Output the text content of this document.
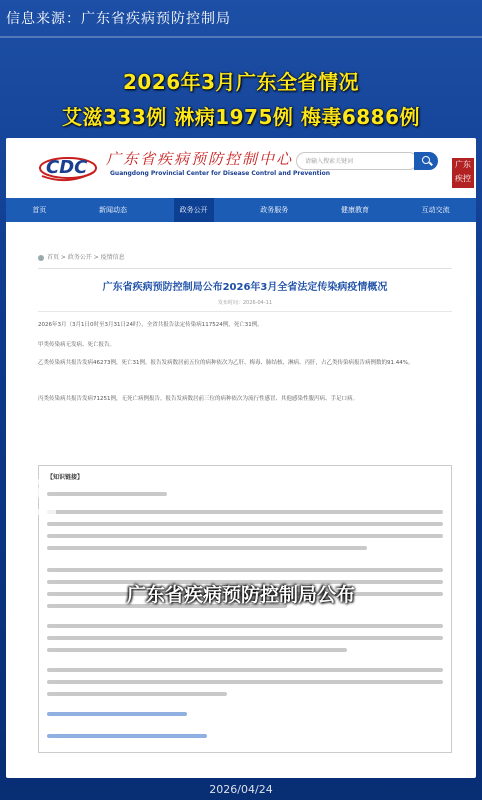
信息来源：广东省疾病预防控制局
2026年3月广东全省情况
艾滋333例 淋病1975例 梅毒6886例
CDC 广东省疾病预防控制中心
Guangdong Provincial Center for Disease Control and Prevention
请输入搜索关键词	广东
疾控
首页	新闻动态	政务公开	政务服务	健康教育	互动交流
首页 > 政务公开 > 疫情信息
广东省疾病预防控制局公布2026年3月全省法定传染病疫情概况
发布时间：2026-04-11
2026年3月（3月1日0时至3月31日24时），全省共报告法定传染病117524例，死亡31例。
甲类传染病无发病、死亡报告。
乙类传染病共报告发病46273例，死亡31例。报告发病数居前五位的病种依次为乙肝、梅毒、肺结核、淋病、丙肝，占乙类传染病报告病例数的91.44%。
丙类传染病共报告发病71251例，无死亡病例报告。报告发病数居前三位的病种依次为流行性感冒、其他感染性腹泻病、手足口病。
【知识链接】
广东省疾病预防控制局公布
2026/04/24
